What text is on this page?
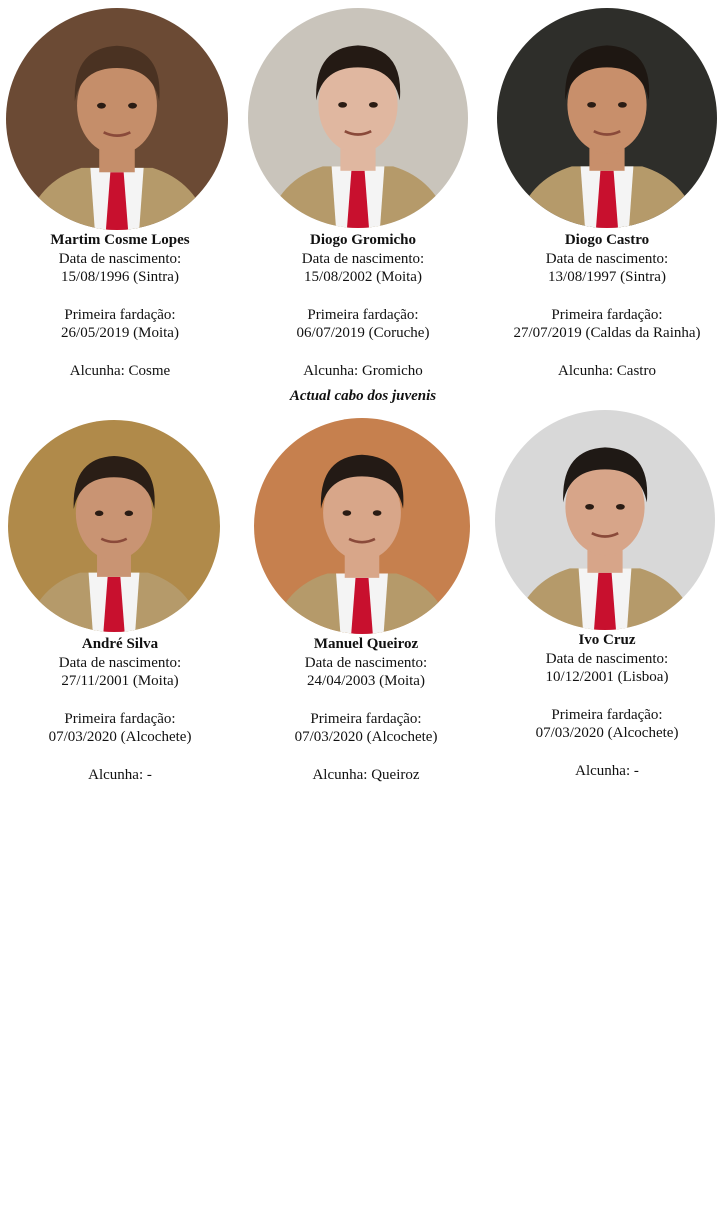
Martim Cosme Lopes
Data de nascimento:
15/08/1996 (Sintra)
Primeira fardação:
26/05/2019 (Moita)
Alcunha: Cosme
Diogo Gromicho
Data de nascimento:
15/08/2002 (Moita)
Primeira fardação:
06/07/2019 (Coruche)
Alcunha: Gromicho
Diogo Castro
Data de nascimento:
13/08/1997 (Sintra)
Primeira fardação:
27/07/2019 (Caldas da Rainha)
Alcunha: Castro
Actual cabo dos juvenis
André Silva
Data de nascimento:
27/11/2001 (Moita)
Primeira fardação:
07/03/2020 (Alcochete)
Alcunha: -
Manuel Queiroz
Data de nascimento:
24/04/2003 (Moita)
Primeira fardação:
07/03/2020 (Alcochete)
Alcunha: Queiroz
Ivo Cruz
Data de nascimento:
10/12/2001 (Lisboa)
Primeira fardação:
07/03/2020 (Alcochete)
Alcunha: -
